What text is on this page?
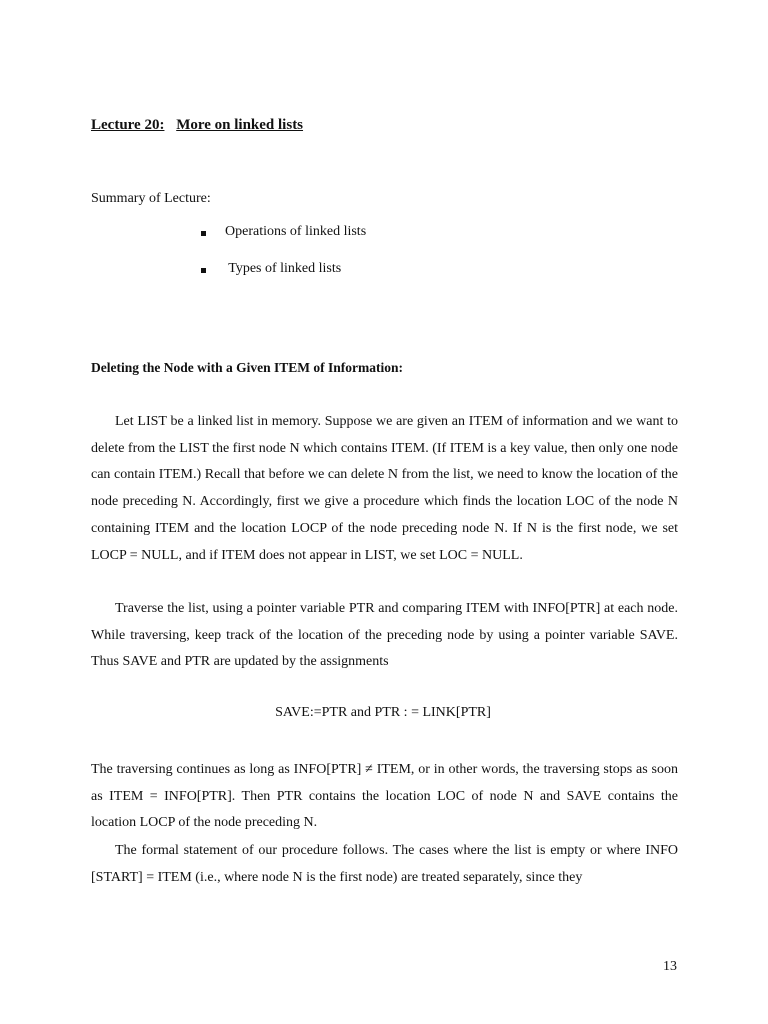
Lecture 20: More on linked lists
Summary of Lecture:
Operations of linked lists
Types of linked lists
Deleting the Node with a Given ITEM of Information:

Let LIST be a linked list in memory. Suppose we are given an ITEM of information and we want to delete from the LIST the first node N which contains ITEM. (If ITEM is a key value, then only one node can contain ITEM.) Recall that before we can delete N from the list, we need to know the location of the node preceding N. Accordingly, first we give a procedure which finds the location LOC of the node N containing ITEM and the location LOCP of the node preceding node N. If N is the first node, we set LOCP = NULL, and if ITEM does not appear in LIST, we set LOC = NULL.

Traverse the list, using a pointer variable PTR and comparing ITEM with INFO[PTR] at each node. While traversing, keep track of the location of the preceding node by using a pointer variable SAVE. Thus SAVE and PTR are updated by the assignments

SAVE:=PTR and PTR : = LINK[PTR]

The traversing continues as long as INFO[PTR] ≠ ITEM, or in other words, the traversing stops as soon as ITEM = INFO[PTR]. Then PTR contains the location LOC of node N and SAVE contains the location LOCP of the node preceding N.

The formal statement of our procedure follows. The cases where the list is empty or where INFO [START] = ITEM (i.e., where node N is the first node) are treated separately, since they

13
